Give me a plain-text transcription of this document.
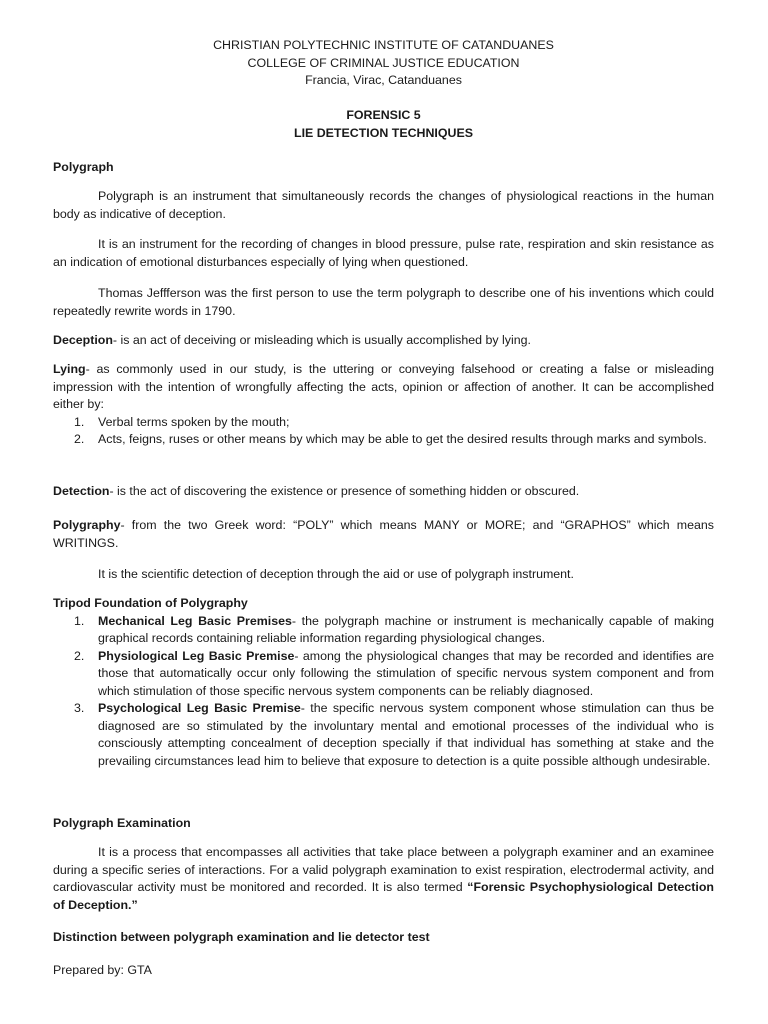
CHRISTIAN POLYTECHNIC INSTITUTE OF CATANDUANES
COLLEGE OF CRIMINAL JUSTICE EDUCATION
Francia, Virac, Catanduanes
FORENSIC 5
LIE DETECTION TECHNIQUES
Polygraph

Polygraph is an instrument that simultaneously records the changes of physiological reactions in the human body as indicative of deception.

It is an instrument for the recording of changes in blood pressure, pulse rate, respiration and skin resistance as an indication of emotional disturbances especially of lying when questioned.

Thomas Jeffferson was the first person to use the term polygraph to describe one of his inventions which could repeatedly rewrite words in 1790.

Deception- is an act of deceiving or misleading which is usually accomplished by lying.

Lying- as commonly used in our study, is the uttering or conveying falsehood or creating a false or misleading impression with the intention of wrongfully affecting the acts, opinion or affection of another. It can be accomplished either by:

1. Verbal terms spoken by the mouth;
2. Acts, feigns, ruses or other means by which may be able to get the desired results through marks and symbols.

Detection- is the act of discovering the existence or presence of something hidden or obscured.

Polygraphy- from the two Greek word: “POLY” which means MANY or MORE; and “GRAPHOS” which means WRITINGS.

It is the scientific detection of deception through the aid or use of polygraph instrument.

Tripod Foundation of Polygraphy
1. Mechanical Leg Basic Premises- the polygraph machine or instrument is mechanically capable of making graphical records containing reliable information regarding physiological changes.
2. Physiological Leg Basic Premise- among the physiological changes that may be recorded and identifies are those that automatically occur only following the stimulation of specific nervous system component and from which stimulation of those specific nervous system components can be reliably diagnosed.
3. Psychological Leg Basic Premise- the specific nervous system component whose stimulation can thus be diagnosed are so stimulated by the involuntary mental and emotional processes of the individual who is consciously attempting concealment of deception specially if that individual has something at stake and the prevailing circumstances lead him to believe that exposure to detection is a quite possible although undesirable.
Polygraph Examination

It is a process that encompasses all activities that take place between a polygraph examiner and an examinee during a specific series of interactions. For a valid polygraph examination to exist respiration, electrodermal activity, and cardiovascular activity must be monitored and recorded. It is also termed “Forensic Psychophysiological Detection of Deception.”

Distinction between polygraph examination and lie detector test
Prepared by: GTA
